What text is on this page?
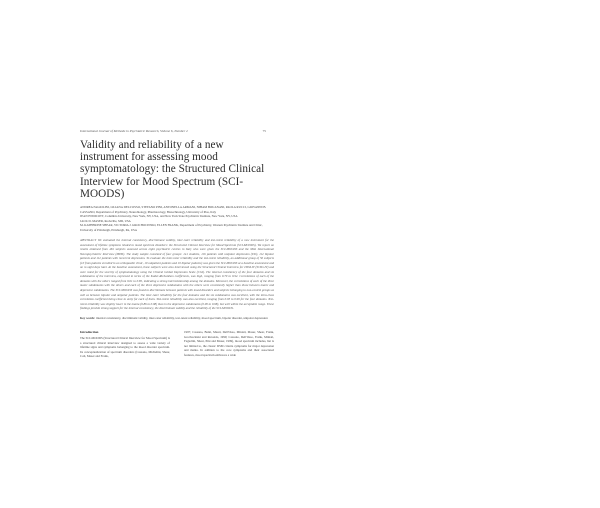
International Journal of Methods in Psychiatric Research, Volume 6, Number 2	75
Validity and reliability of a new instrument for assessing mood symptomatology: the Structured Clinical Interview for Mood Spectrum (SCI-MOODS)

ANDREA FAGIOLINI, LILIANA DELL'OSSO, STEFANO PINI, ANTONELLA ARMANI, NIHAM BOUANANI, PAOLA RUCCI, GIOVANNI B. CASSANO, Department of Psychiatry, Neurobiology, Pharmacology, Biotechnology, University of Pisa, Italy

JEAN ENDICOTT, Columbia University, New York, NY, USA, and New York State Psychiatric Institute, New York, NY, USA

JACK D. MASER, Rockville, MD, USA

M. KATHERINE SHEAR, VICTORIA J. GROCHOCINSKI, ELLEN FRANK, Department of Psychiatry, Western Psychiatric Institute and Clinic, University of Pittsburgh, Pittsburgh, PA, USA

ABSTRACT We evaluated the internal consistency, discriminant validity, inter-rater reliability and test-retest reliability of a new instrument for the assessment of lifetime symptoms related to mood spectrum disorders: the Structured Clinical Interview for Mood Spectrum (SCI-MOODS). We report on results obtained from 481 subjects assessed across eight psychiatric centres in Italy who were given the SCI-MOODS and the Mini International Neuropsychiatric Interview (MINI). The study sample consisted of four groups: 141 students, 116 patients with unipolar depression (UD), 112 bipolar patients and 112 patients with recurrent depression. To evaluate the inter-rater reliability and the test-retest reliability, an additional group of 50 subjects (10 from patients enrolled in an orthopaedic clinic, 10 outpatient patients and 10 bipolar patients) was given the SCI-MOODS at a baseline assessment and on re-sight days later. At the baseline assessment, these subjects were also interviewed using the Structured Clinical Interview for DSM-IV (SCID-IV) and were rated for the severity of symptomatology using the Clinical Global Impression Scale (CGI). The internal consistency of the four domains and six subdomains of the interview, expressed in terms of the Kuder-Richardson coefficients, was high, ranging from 0.79 to 0.92. Correlations of each of the domains with the others ranged from 0.61 to 0.85, indicating a strong interrelationship among the domains. Moreover, the correlations of each of the three manic subdomains with the others and each of the three depressive subdomains with the others were consistently higher than those between manic and depressive subdomains. The SCI-MOODS was found to discriminate between patients with mood disorders and subjects belonging to non-control groups as well as between bipolar and unipolar patients. The inter-rater reliability for the four domains and the six subdomains was excellent, with the intra-class correlation coefficient being close to unity for each of them. Test-retest reliability was also excellent, ranging from 0.93 to 0.99 for the four domains. Test-retest reliability was slightly lower in the mania (0.86 to 0.98) than in the depressive subdomains (0.90 to 0.98), but well within the acceptable range. These findings provide strong support for the internal consistency, the discriminant validity and the reliability of the SCI-MOODS.

Key words: internal consistency, discriminant validity, inter-rater reliability, test-retest reliability, mood spectrum, bipolar disorder, unipolar depression

Introduction

The SCI-MOODS (Structured Clinical Interview for Mood Spectrum) is a structured clinical interview designed to assess a wide variety of lifetime signs and symptoms belonging to the mood disorder spectrum. Its conceptualization of spectrum disorders (Cassano, Michelini, Shear, Coli, Maser and Frank,

1997; Cassano, Banti, Mauri, Dell'Osso, Miniati, Maser, Shear, Frank, Grochocinski and Rotondo, 1999; Cassano, Dell'Osso, Frank, Miniati, Fagiolini, Shear, Pini and Maser, 1999), mood spectrum includes, but is not limited to, the classic DSM criteria symptoms for major depression and mania. In addition to the core symptoms and their associated features, mood spectrum embraces a wide
